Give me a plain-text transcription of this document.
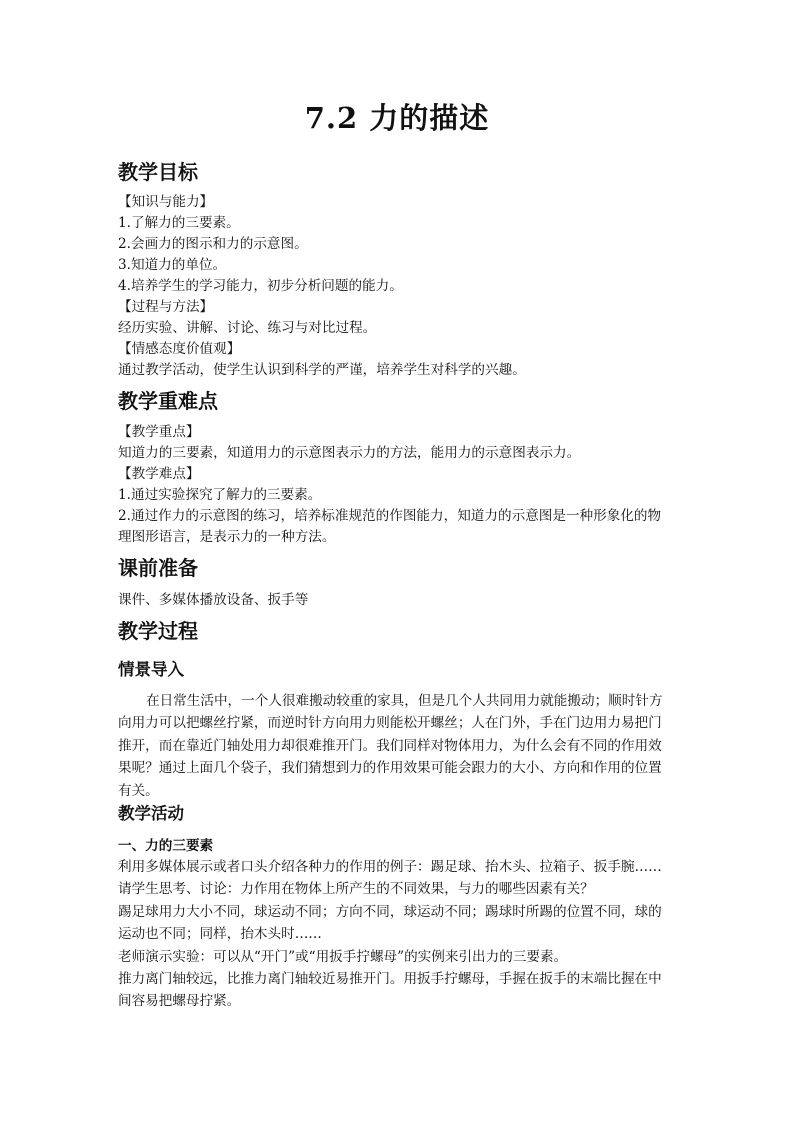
7.2 力的描述
教学目标
【知识与能力】
1.了解力的三要素。
2.会画力的图示和力的示意图。
3.知道力的单位。
4.培养学生的学习能力，初步分析问题的能力。
【过程与方法】
经历实验、讲解、讨论、练习与对比过程。
【情感态度价值观】
通过教学活动，使学生认识到科学的严谨，培养学生对科学的兴趣。
教学重难点
【教学重点】
知道力的三要素，知道用力的示意图表示力的方法，能用力的示意图表示力。
【教学难点】
1.通过实验探究了解力的三要素。
2.通过作力的示意图的练习，培养标准规范的作图能力，知道力的示意图是一种形象化的物
理图形语言，是表示力的一种方法。
课前准备
课件、多媒体播放设备、扳手等
教学过程
情景导入

在日常生活中，一个人很难搬动较重的家具，但是几个人共同用力就能搬动；顺时针方

向用力可以把螺丝拧紧，而逆时针方向用力则能松开螺丝；人在门外，手在门边用力易把门

推开，而在靠近门轴处用力却很难推开门。我们同样对物体用力，为什么会有不同的作用效

果呢？通过上面几个袋子，我们猜想到力的作用效果可能会跟力的大小、方向和作用的位置

有关。

教学活动
一、力的三要素

利用多媒体展示或者口头介绍各种力的作用的例子：踢足球、抬木头、拉箱子、扳手腕……

请学生思考、讨论：力作用在物体上所产生的不同效果，与力的哪些因素有关？

踢足球用力大小不同，球运动不同；方向不同，球运动不同；踢球时所踢的位置不同，球的

运动也不同；同样，抬木头时……

老师演示实验：可以从“开门”或“用扳手拧螺母”的实例来引出力的三要素。

推力离门轴较远，比推力离门轴较近易推开门。用扳手拧螺母，手握在扳手的末端比握在中

间容易把螺母拧紧。
